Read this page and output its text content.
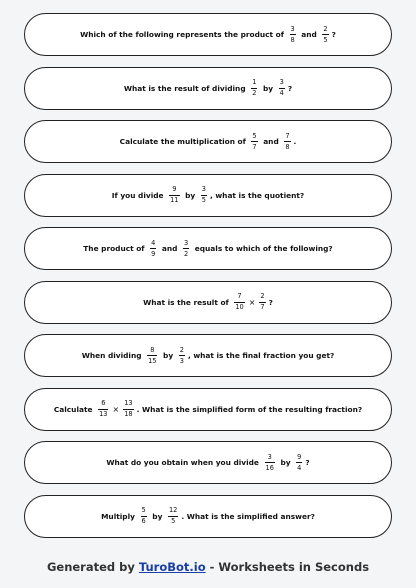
Which of the following represents the product of $\frac{3}{8}$ and $\frac{2}{5}$ ?
What is the result of dividing $\frac{1}{2}$ by $\frac{3}{4}$ ?
Calculate the multiplication of $\frac{5}{7}$ and $\frac{7}{8}$ .
If you divide $\frac{9}{11}$ by $\frac{3}{5}$ , what is the quotient?
The product of $\frac{4}{9}$ and $\frac{3}{2}$ equals to which of the following?
What is the result of $\frac{7}{10} \times \frac{2}{7}$ ?
When dividing $\frac{8}{15}$ by $\frac{2}{3}$ , what is the final fraction you get?
Calculate $\frac{6}{13} \times \frac{13}{18}$ . What is the simplified form of the resulting fraction?
What do you obtain when you divide $\frac{3}{16}$ by $\frac{9}{4}$ ?
Multiply $\frac{5}{6}$ by $\frac{12}{5}$ . What is the simplified answer?
Generated by TuroBot.io - Worksheets in Seconds
